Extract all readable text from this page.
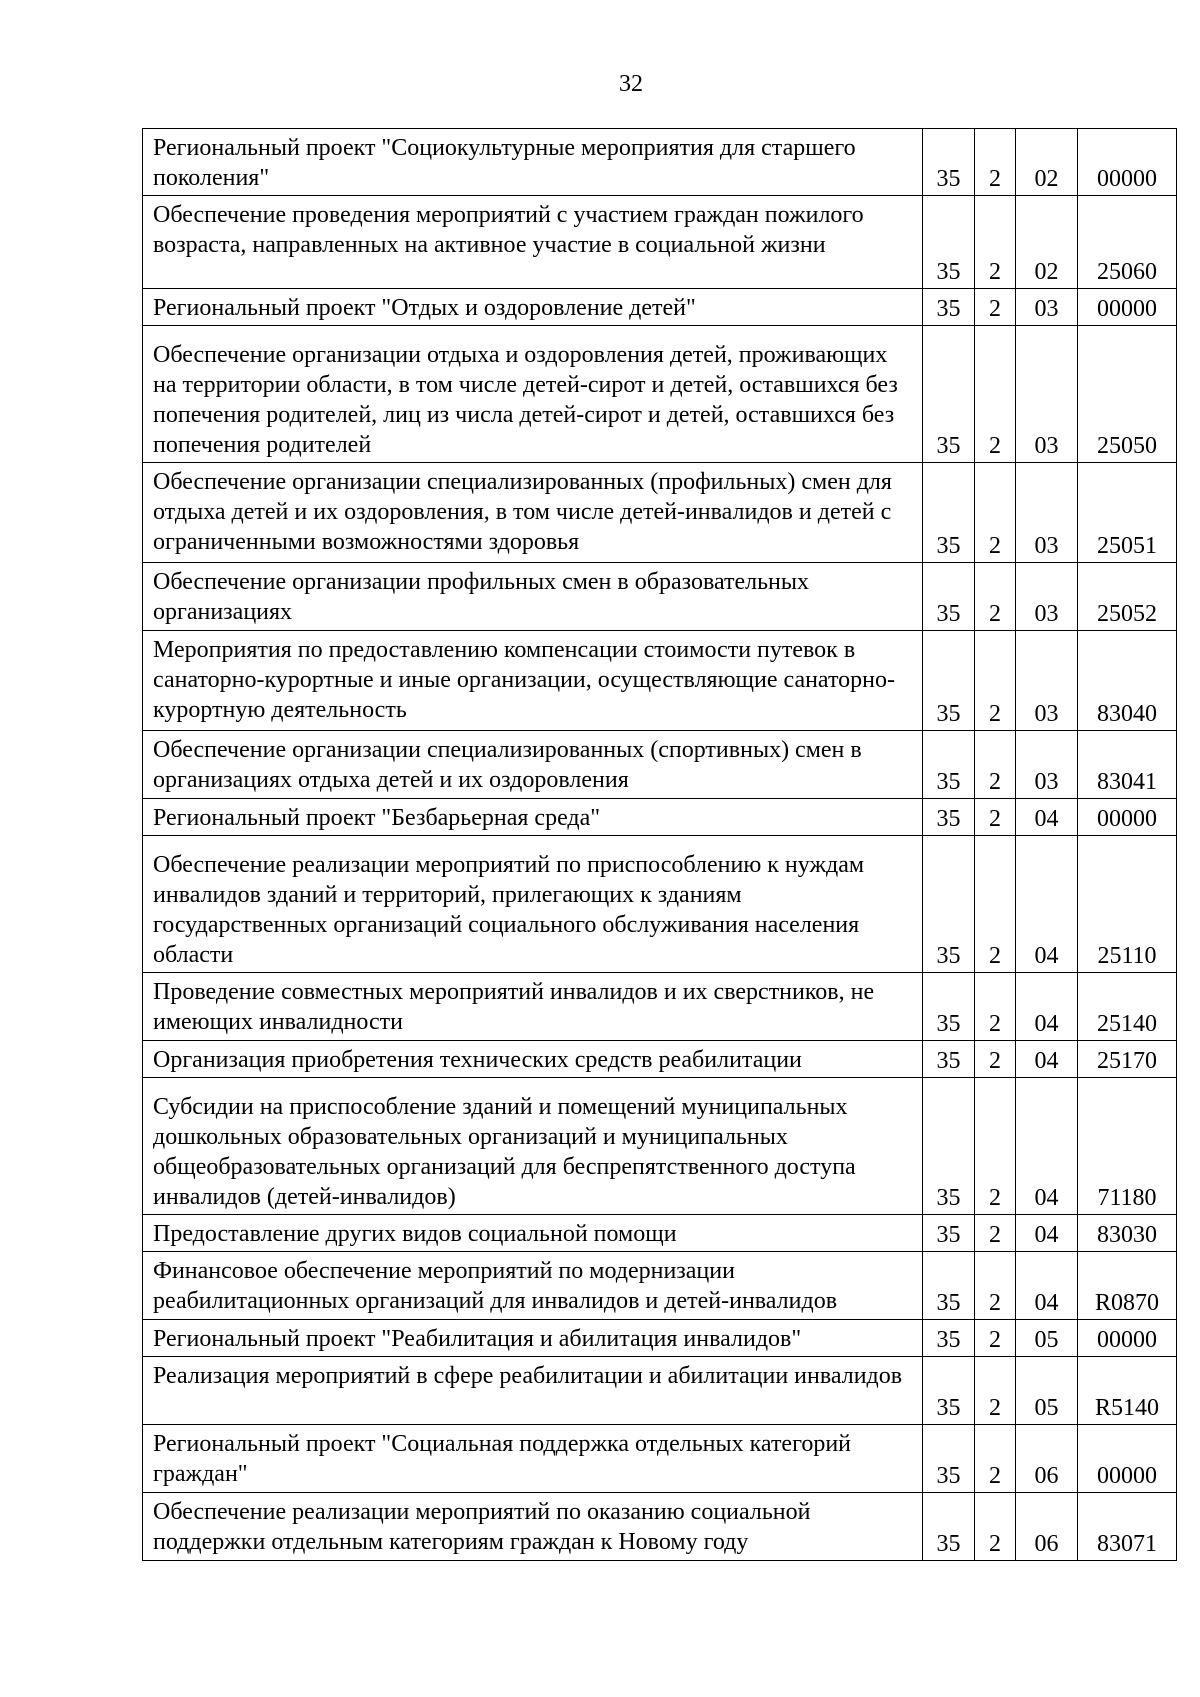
32
Региональный проект "Социокультурные мероприятия для старшего поколения"	35	2	02	00000
Обеспечение проведения мероприятий с участием граждан пожилого возраста, направленных на активное участие в социальной жизни	35	2	02	25060
Региональный проект "Отдых и оздоровление детей"	35	2	03	00000
Обеспечение организации отдыха и оздоровления детей, проживающих на территории области, в том числе детей-сирот и детей, оставшихся без попечения родителей, лиц из числа детей-сирот и детей, оставшихся без попечения родителей	35	2	03	25050
Обеспечение организации специализированных (профильных) смен для отдыха детей и их оздоровления, в том числе детей-инвалидов и детей с ограниченными возможностями здоровья	35	2	03	25051
Обеспечение организации профильных смен в образовательных организациях	35	2	03	25052
Мероприятия по предоставлению компенсации стоимости путевок в санаторно-курортные и иные организации, осуществляющие санаторно-курортную деятельность	35	2	03	83040
Обеспечение организации специализированных (спортивных) смен в организациях отдыха детей и их оздоровления	35	2	03	83041
Региональный проект "Безбарьерная среда"	35	2	04	00000
Обеспечение реализации мероприятий по приспособлению к нуждам инвалидов зданий и территорий, прилегающих к зданиям государственных организаций социального обслуживания населения области	35	2	04	25110
Проведение совместных мероприятий инвалидов и их сверстников, не имеющих инвалидности	35	2	04	25140
Организация приобретения технических средств реабилитации	35	2	04	25170
Субсидии на приспособление зданий и помещений муниципальных дошкольных образовательных организаций и муниципальных общеобразовательных организаций для беспрепятственного доступа инвалидов (детей-инвалидов)	35	2	04	71180
Предоставление других видов социальной помощи	35	2	04	83030
Финансовое обеспечение мероприятий по модернизации реабилитационных организаций для инвалидов и детей-инвалидов	35	2	04	R0870
Региональный проект "Реабилитация и абилитация инвалидов"	35	2	05	00000
Реализация мероприятий в сфере реабилитации и абилитации инвалидов	35	2	05	R5140
Региональный проект "Социальная поддержка отдельных категорий граждан"	35	2	06	00000
Обеспечение реализации мероприятий по оказанию социальной поддержки отдельным категориям граждан к Новому году	35	2	06	83071
